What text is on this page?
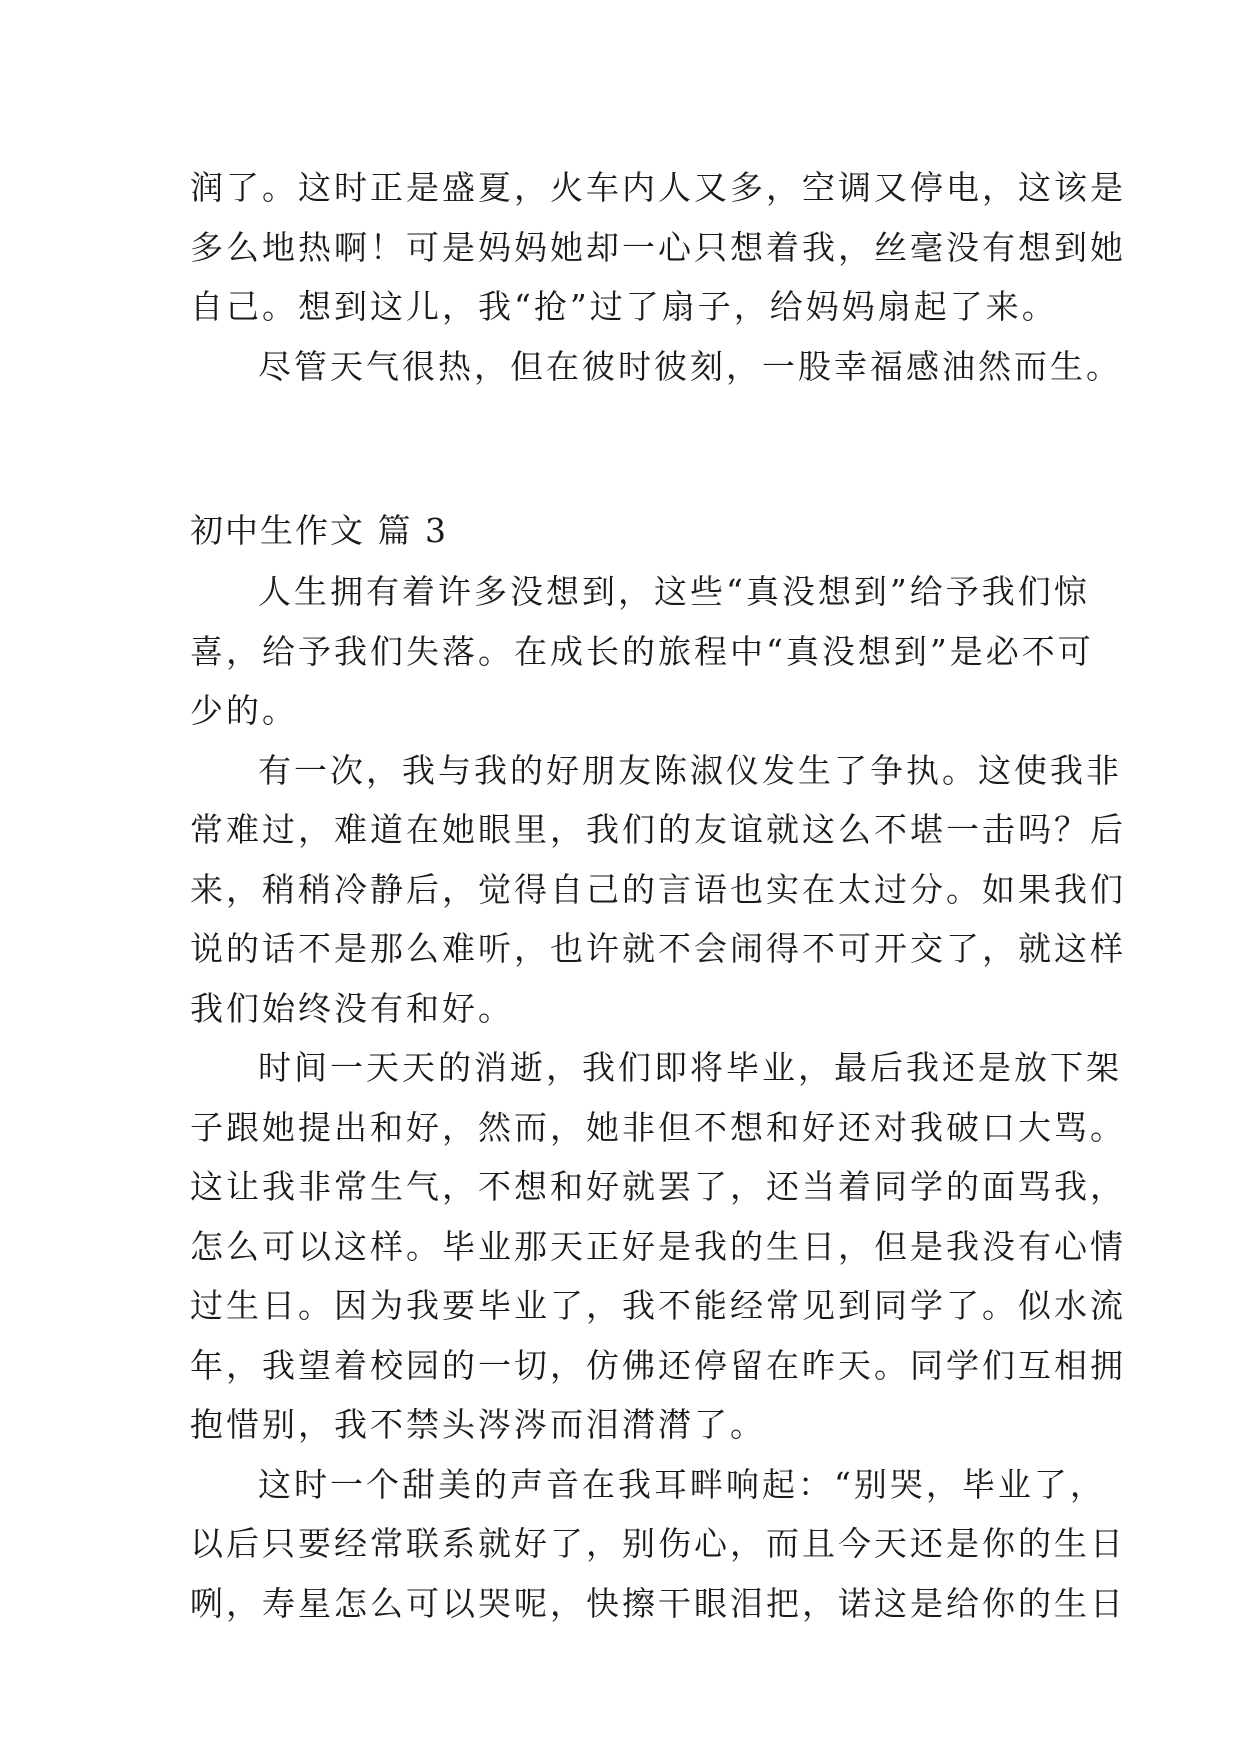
润了。这时正是盛夏，火车内人又多，空调又停电，这该是
多么地热啊！可是妈妈她却一心只想着我，丝毫没有想到她
自己。想到这儿，我“抢”过了扇子，给妈妈扇起了来。
尽管天气很热，但在彼时彼刻，一股幸福感油然而生。
初中生作文 篇 3
人生拥有着许多没想到，这些“真没想到”给予我们惊
喜，给予我们失落。在成长的旅程中“真没想到”是必不可
少的。
有一次，我与我的好朋友陈淑仪发生了争执。这使我非
常难过，难道在她眼里，我们的友谊就这么不堪一击吗？后
来，稍稍冷静后，觉得自己的言语也实在太过分。如果我们
说的话不是那么难听，也许就不会闹得不可开交了，就这样
我们始终没有和好。
时间一天天的消逝，我们即将毕业，最后我还是放下架
子跟她提出和好，然而，她非但不想和好还对我破口大骂。
这让我非常生气，不想和好就罢了，还当着同学的面骂我，
怎么可以这样。毕业那天正好是我的生日，但是我没有心情
过生日。因为我要毕业了，我不能经常见到同学了。似水流
年，我望着校园的一切，仿佛还停留在昨天。同学们互相拥
抱惜别，我不禁头涔涔而泪潸潸了。
这时一个甜美的声音在我耳畔响起：“别哭，毕业了，
以后只要经常联系就好了，别伤心，而且今天还是你的生日
咧，寿星怎么可以哭呢，快擦干眼泪把，诺这是给你的生日
